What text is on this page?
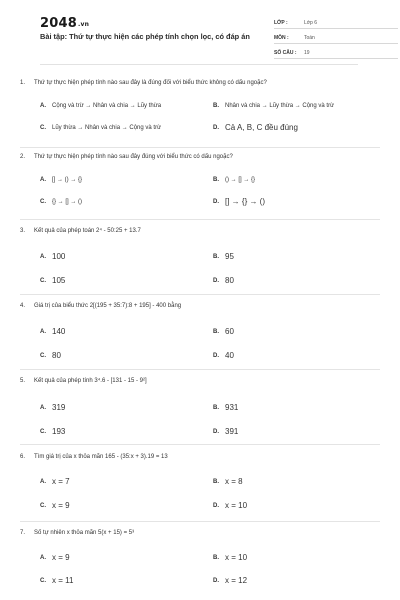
2048.vn
Bài tập: Thứ tự thực hiện các phép tính chọn lọc, có đáp án
LỚP :	Lớp 6
MÔN :	Toán
SỐ CÂU :	19
1. Thứ tự thực hiện phép tính nào sau đây là đúng đối với biểu thức không có dấu ngoặc?
A.	Cộng và trừ → Nhân và chia → Lũy thừa	B.	Nhân và chia → Lũy thừa → Cộng và trừ
C.	Lũy thừa → Nhân và chia → Cộng và trừ	D. Cả A, B, C đều đúng
2. Thứ tự thực hiện phép tính nào sau đây đúng với biểu thức có dấu ngoặc?
A.	[] → () → {}	B.	() → [] → {}
C.	{} → [] → ()	D. [] → {} → ()
3. Kết quả của phép toán 2⁴ - 50:25 + 13.7
A. 100	B. 95
C. 105	D. 80
4. Giá trị của biểu thức 2[(195 + 35:7):8 + 195] - 400 bằng
A. 140	B. 60
C. 80	D. 40
5. Kết quả của phép tính 3⁴.6 - [131 - 15 - 9²]
A. 319	B. 931
C. 193	D. 391
6. Tìm giá trị của x thỏa mãn 165 - (35:x + 3).19 = 13
A. x = 7	B. x = 8
C. x = 9	D. x = 10
7. Số tự nhiên x thỏa mãn 5(x + 15) = 5³
A. x = 9	B. x = 10
C. x = 11	D. x = 12
